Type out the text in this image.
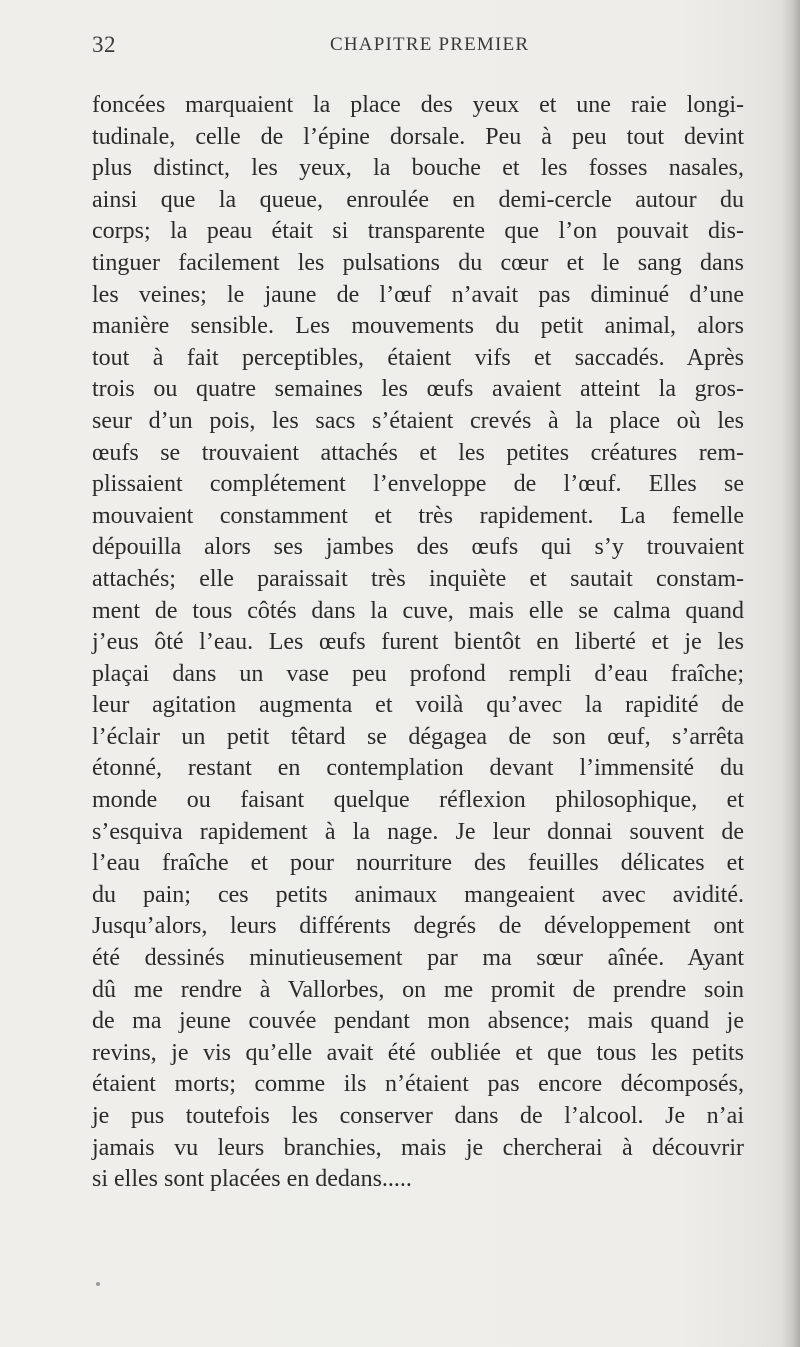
32	CHAPITRE PREMIER
foncées marquaient la place des yeux et une raie longi-
tudinale, celle de l’épine dorsale. Peu à peu tout devint
plus distinct, les yeux, la bouche et les fosses nasales,
ainsi que la queue, enroulée en demi-cercle autour du
corps; la peau était si transparente que l’on pouvait dis-
tinguer facilement les pulsations du cœur et le sang dans
les veines; le jaune de l’œuf n’avait pas diminué d’une
manière sensible. Les mouvements du petit animal, alors
tout à fait perceptibles, étaient vifs et saccadés. Après
trois ou quatre semaines les œufs avaient atteint la gros-
seur d’un pois, les sacs s’étaient crevés à la place où les
œufs se trouvaient attachés et les petites créatures rem-
plissaient complétement l’enveloppe de l’œuf. Elles se
mouvaient constamment et très rapidement. La femelle
dépouilla alors ses jambes des œufs qui s’y trouvaient
attachés; elle paraissait très inquiète et sautait constam-
ment de tous côtés dans la cuve, mais elle se calma quand
j’eus ôté l’eau. Les œufs furent bientôt en liberté et je les
plaçai dans un vase peu profond rempli d’eau fraîche;
leur agitation augmenta et voilà qu’avec la rapidité de
l’éclair un petit têtard se dégagea de son œuf, s’arrêta
étonné, restant en contemplation devant l’immensité du
monde ou faisant quelque réflexion philosophique, et
s’esquiva rapidement à la nage. Je leur donnai souvent de
l’eau fraîche et pour nourriture des feuilles délicates et
du pain; ces petits animaux mangeaient avec avidité.
Jusqu’alors, leurs différents degrés de développement ont
été dessinés minutieusement par ma sœur aînée. Ayant
dû me rendre à Vallorbes, on me promit de prendre soin
de ma jeune couvée pendant mon absence; mais quand je
revins, je vis qu’elle avait été oubliée et que tous les petits
étaient morts; comme ils n’étaient pas encore décomposés,
je pus toutefois les conserver dans de l’alcool. Je n’ai
jamais vu leurs branchies, mais je chercherai à découvrir
si elles sont placées en dedans.....
